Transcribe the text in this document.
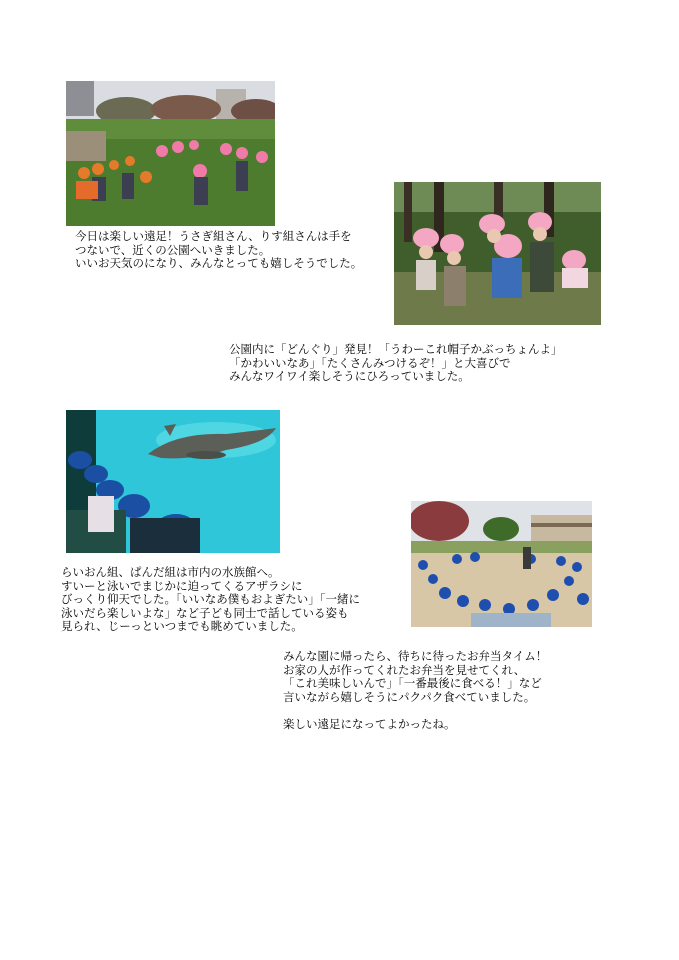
今日は楽しい遠足！うさぎ組さん、りす組さんは手を
つないで、近くの公園へいきました。
いいお天気のになり、みんなとっても嬉しそうでした。
公園内に「どんぐり」発見！「うわーこれ帽子かぶっちょんよ」
「かわいいなあ」「たくさんみつけるぞ！」と大喜びで
みんなワイワイ楽しそうにひろっていました。
らいおん組、ぱんだ組は市内の水族館へ。
すいーと泳いでまじかに迫ってくるアザラシに
びっくり仰天でした。「いいなあ僕もおよぎたい」「一緒に
泳いだら楽しいよな」など子ども同士で話している姿も
見られ、じーっといつまでも眺めていました。
みんな園に帰ったら、待ちに待ったお弁当タイム！
お家の人が作ってくれたお弁当を見せてくれ、
「これ美味しいんで」「一番最後に食べる！」など
言いながら嬉しそうにパクパク食べていました。
楽しい遠足になってよかったね。
